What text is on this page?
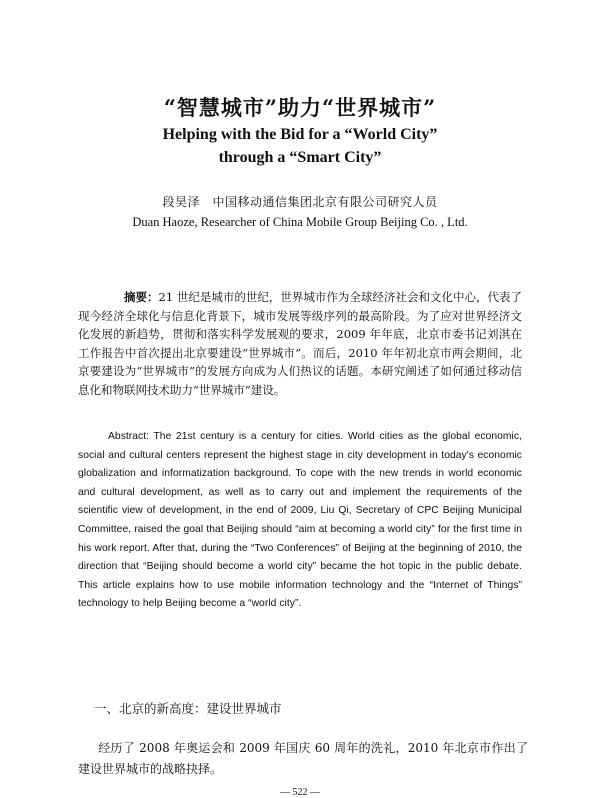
“智慧城市”助力“世界城市”
Helping with the Bid for a “World City”
through a “Smart City”
段昊泽　中国移动通信集团北京有限公司研究人员
Duan Haoze, Researcher of China Mobile Group Beijing Co. , Ltd.
摘要：21 世纪是城市的世纪，世界城市作为全球经济社会和文化中心，代表了现今经济全球化与信息化背景下，城市发展等级序列的最高阶段。为了应对世界经济文化发展的新趋势，贯彻和落实科学发展观的要求，2009 年年底，北京市委书记刘淇在工作报告中首次提出北京要建设“世界城市”。而后，2010 年年初北京市两会期间，北京要建设为“世界城市”的发展方向成为人们热议的话题。本研究阐述了如何通过移动信息化和物联网技术助力“世界城市”建设。
Abstract: The 21st century is a century for cities. World cities as the global economic, social and cultural centers represent the highest stage in city development in today's economic globalization and informatization background. To cope with the new trends in world economic and cultural development, as well as to carry out and implement the requirements of the scientific view of development, in the end of 2009, Liu Qi, Secretary of CPC Beijing Municipal Committee, raised the goal that Beijing should “aim at becoming a world city” for the first time in his work report. After that, during the “Two Conferences” of Beijing at the beginning of 2010, the direction that “Beijing should become a world city” became the hot topic in the public debate. This article explains how to use mobile information technology and the “Internet of Things” technology to help Beijing become a “world city”.
一、北京的新高度：建设世界城市
经历了 2008 年奥运会和 2009 年国庆 60 周年的洗礼，2010 年北京市作出了建设世界城市的战略抉择。
— 522 —
